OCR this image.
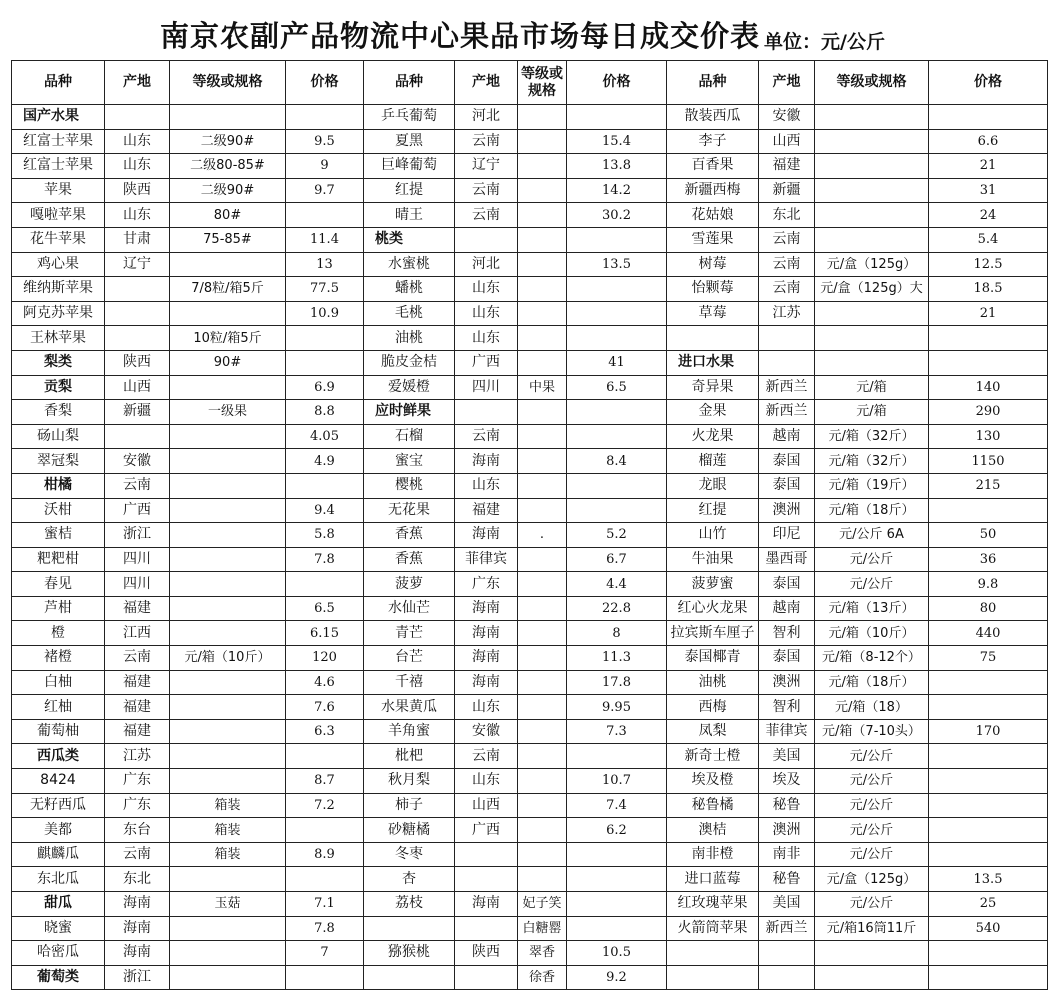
南京农副产品物流中心果品市场每日成交价表 单位：元/公斤
品种	产地	等级或规格	价格	品种	产地	等级或规格	价格	品种	产地	等级或规格	价格
国产水果				乒乓葡萄	河北			散装西瓜	安徽		
红富士苹果	山东	二级90#	9.5	夏黑	云南		15.4	李子	山西		6.6
红富士苹果	山东	二级80-85#	9	巨峰葡萄	辽宁		13.8	百香果	福建		21
苹果	陕西	二级90#	9.7	红提	云南		14.2	新疆西梅	新疆		31
嘎啦苹果	山东	80#		晴王	云南		30.2	花姑娘	东北		24
花牛苹果	甘肃	75-85#	11.4	桃类				雪莲果	云南		5.4
鸡心果	辽宁		13	水蜜桃	河北		13.5	树莓	云南	元/盒（125g）	12.5
维纳斯苹果		7/8粒/箱5斤	77.5	蟠桃	山东			怡颗莓	云南	元/盒（125g）大	18.5
阿克苏苹果			10.9	毛桃	山东			草莓	江苏		21
王林苹果		10粒/箱5斤		油桃	山东						
梨类	陕西	90#		脆皮金桔	广西		41	进口水果			
贡梨	山西		6.9	爱媛橙	四川	中果	6.5	奇异果	新西兰	元/箱	140
香梨	新疆	一级果	8.8	应时鲜果				金果	新西兰	元/箱	290
砀山梨			4.05	石榴	云南			火龙果	越南	元/箱（32斤）	130
翠冠梨	安徽		4.9	蜜宝	海南		8.4	榴莲	泰国	元/箱（32斤）	1150
柑橘	云南			樱桃	山东			龙眼	泰国	元/箱（19斤）	215
沃柑	广西		9.4	无花果	福建			红提	澳洲	元/箱（18斤）	
蜜桔	浙江		5.8	香蕉	海南	.	5.2	山竹	印尼	元/公斤 6A	50
粑粑柑	四川		7.8	香蕉	菲律宾		6.7	牛油果	墨西哥	元/公斤	36
春见	四川			菠萝	广东		4.4	菠萝蜜	泰国	元/公斤	9.8
芦柑	福建		6.5	水仙芒	海南		22.8	红心火龙果	越南	元/箱（13斤）	80
橙	江西		6.15	青芒	海南		8	拉宾斯车厘子	智利	元/箱（10斤）	440
褚橙	云南	元/箱（10斤）	120	台芒	海南		11.3	泰国椰青	泰国	元/箱（8-12个）	75
白柚	福建		4.6	千禧	海南		17.8	油桃	澳洲	元/箱（18斤）	
红柚	福建		7.6	水果黄瓜	山东		9.95	西梅	智利	元/箱（18）	
葡萄柚	福建		6.3	羊角蜜	安徽		7.3	凤梨	菲律宾	元/箱（7-10头）	170
西瓜类	江苏			枇杷	云南			新奇士橙	美国	元/公斤	
8424	广东		8.7	秋月梨	山东		10.7	埃及橙	埃及	元/公斤	
无籽西瓜	广东	箱装	7.2	柿子	山西		7.4	秘鲁橘	秘鲁	元/公斤	
美都	东台	箱装		砂糖橘	广西		6.2	澳桔	澳洲	元/公斤	
麒麟瓜	云南	箱装	8.9	冬枣				南非橙	南非	元/公斤	
东北瓜	东北			杏				进口蓝莓	秘鲁	元/盒（125g）	13.5
甜瓜	海南	玉菇	7.1	荔枝	海南	妃子笑		红玫瑰苹果	美国	元/公斤	25
晓蜜	海南		7.8			白糖罂		火箭筒苹果	新西兰	元/箱16筒11斤	540
哈密瓜	海南		7	猕猴桃	陕西	翠香	10.5				
葡萄类	浙江					徐香	9.2				
